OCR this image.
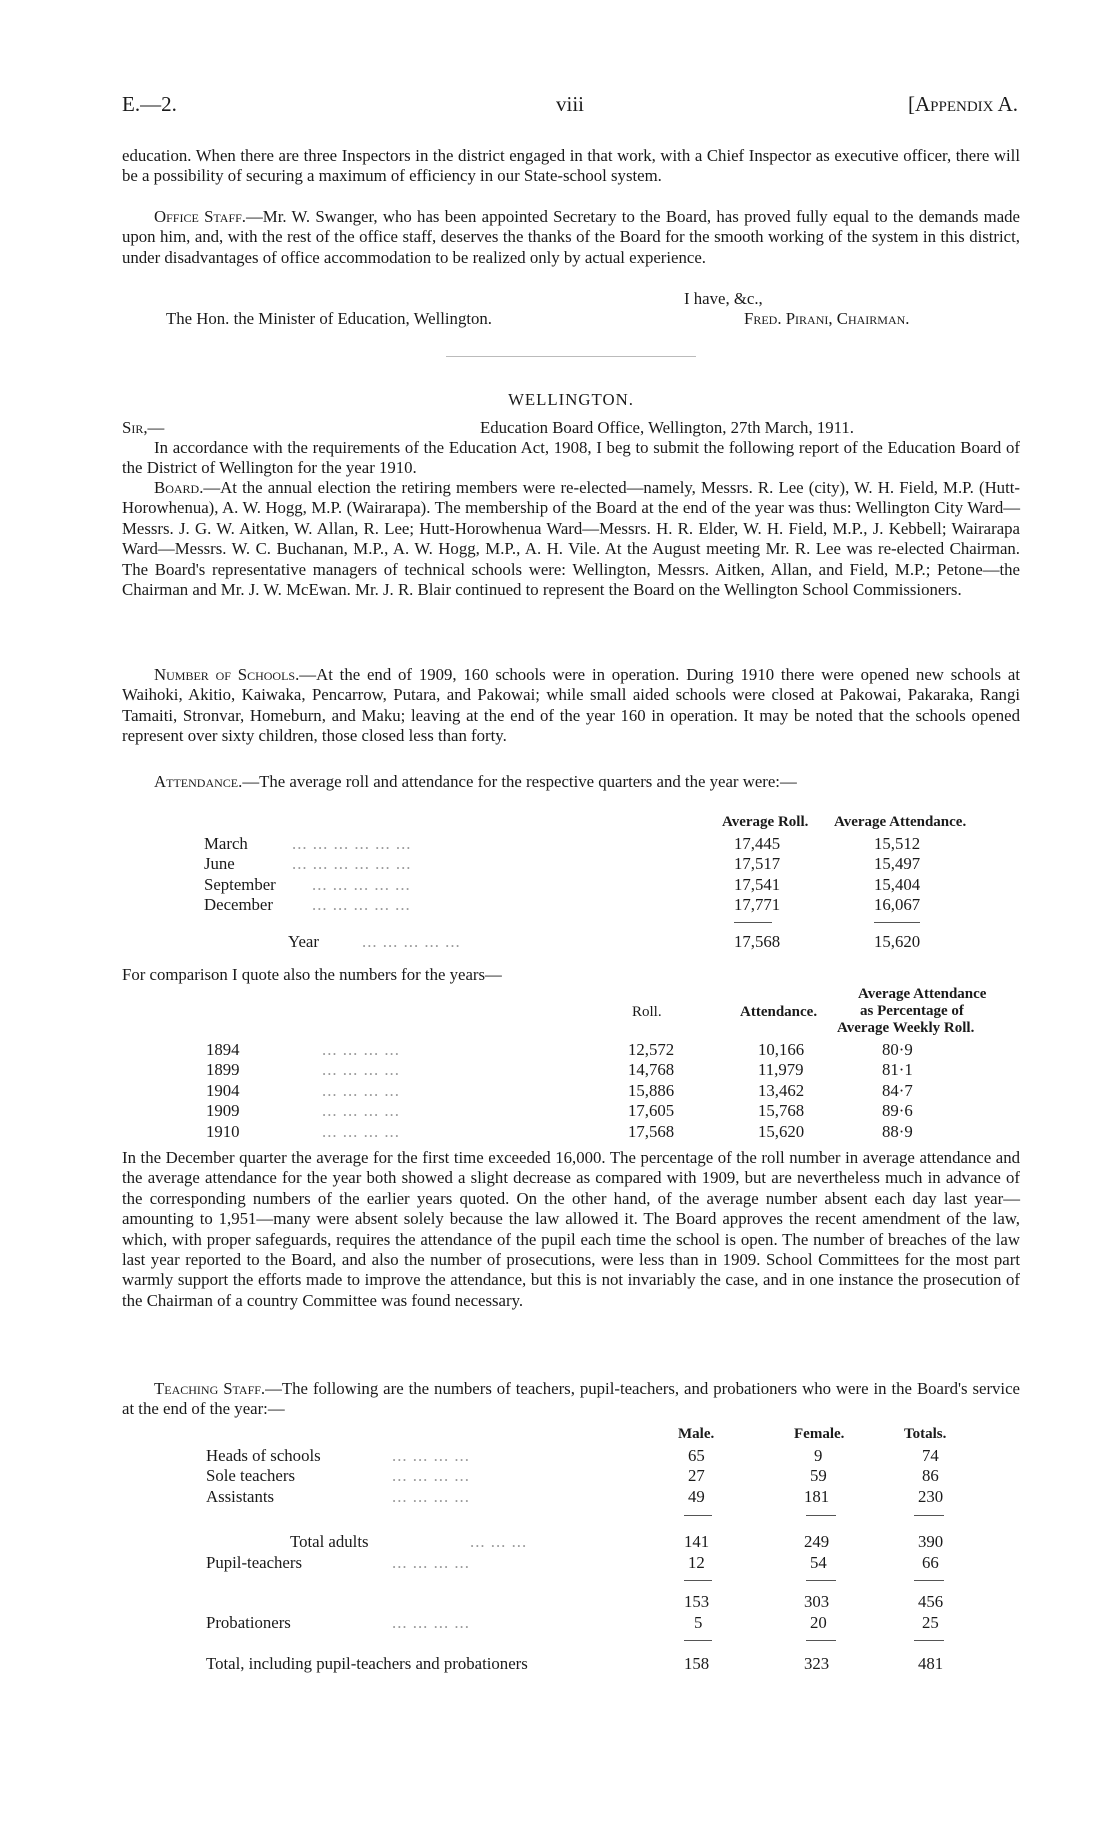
E.—2.	viii	[Appendix A.
education. When there are three Inspectors in the district engaged in that work, with a Chief Inspector as executive officer, there will be a possibility of securing a maximum of efficiency in our State-school system.
Office Staff.—Mr. W. Swanger, who has been appointed Secretary to the Board, has proved fully equal to the demands made upon him, and, with the rest of the office staff, deserves the thanks of the Board for the smooth working of the system in this district, under disadvantages of office accommodation to be realized only by actual experience.
I have, &c.,
The Hon. the Minister of Education, Wellington.	Fred. Pirani, Chairman.
WELLINGTON.
Sir,—	Education Board Office, Wellington, 27th March, 1911.
In accordance with the requirements of the Education Act, 1908, I beg to submit the following report of the Education Board of the District of Wellington for the year 1910.
Board.—At the annual election the retiring members were re-elected—namely, Messrs. R. Lee (city), W. H. Field, M.P. (Hutt-Horowhenua), A. W. Hogg, M.P. (Wairarapa). The membership of the Board at the end of the year was thus: Wellington City Ward—Messrs. J. G. W. Aitken, W. Allan, R. Lee; Hutt-Horowhenua Ward—Messrs. H. R. Elder, W. H. Field, M.P., J. Kebbell; Wairarapa Ward—Messrs. W. C. Buchanan, M.P., A. W. Hogg, M.P., A. H. Vile. At the August meeting Mr. R. Lee was re-elected Chairman. The Board's representative managers of technical schools were: Wellington, Messrs. Aitken, Allan, and Field, M.P.; Petone—the Chairman and Mr. J. W. McEwan. Mr. J. R. Blair continued to represent the Board on the Wellington School Commissioners.
Number of Schools.—At the end of 1909, 160 schools were in operation. During 1910 there were opened new schools at Waihoki, Akitio, Kaiwaka, Pencarrow, Putara, and Pakowai; while small aided schools were closed at Pakowai, Pakaraka, Rangi Tamaiti, Stronvar, Homeburn, and Maku; leaving at the end of the year 160 in operation. It may be noted that the schools opened represent over sixty children, those closed less than forty.
Attendance.—The average roll and attendance for the respective quarters and the year were:—
Average Roll. Average Attendance.
March	... ... ... ... ... ...	17,445	15,512
June	... ... ... ... ... ...	17,517	15,497
September ... ... ... ... ...	17,541	15,404
December ... ... ... ... ...	17,771	16,067
Year	... ... ... ... ...	17,568	15,620
For comparison I quote also the numbers for the years—
Average Attendance
as Percentage of
Average Weekly Roll.
Roll.	Attendance.
1894	... ... ... ...	12,572	10,166	80·9
1899	... ... ... ...	14,768	11,979	81·1
1904	... ... ... ...	15,886	13,462	84·7
1909	... ... ... ...	17,605	15,768	89·6
1910	... ... ... ...	17,568	15,620	88·9
In the December quarter the average for the first time exceeded 16,000. The percentage of the roll number in average attendance and the average attendance for the year both showed a slight decrease as compared with 1909, but are nevertheless much in advance of the corresponding numbers of the earlier years quoted. On the other hand, of the average number absent each day last year—amounting to 1,951—many were absent solely because the law allowed it. The Board approves the recent amendment of the law, which, with proper safeguards, requires the attendance of the pupil each time the school is open. The number of breaches of the law last year reported to the Board, and also the number of prosecutions, were less than in 1909. School Committees for the most part warmly support the efforts made to improve the attendance, but this is not invariably the case, and in one instance the prosecution of the Chairman of a country Committee was found necessary.
Teaching Staff.—The following are the numbers of teachers, pupil-teachers, and probationers who were in the Board's service at the end of the year:—
Male.	Female.	Totals.
Heads of schools	... ... ... ...	65	9	74
Sole teachers	... ... ... ...	27	59	86
Assistants	... ... ... ...	49	181	230
Total adults	... ... ...	141	249	390
Pupil-teachers	... ... ... ...	12	54	66
153	303	456
Probationers	... ... ... ...	5	20	25
Total, including pupil-teachers and probationers	158	323	481
